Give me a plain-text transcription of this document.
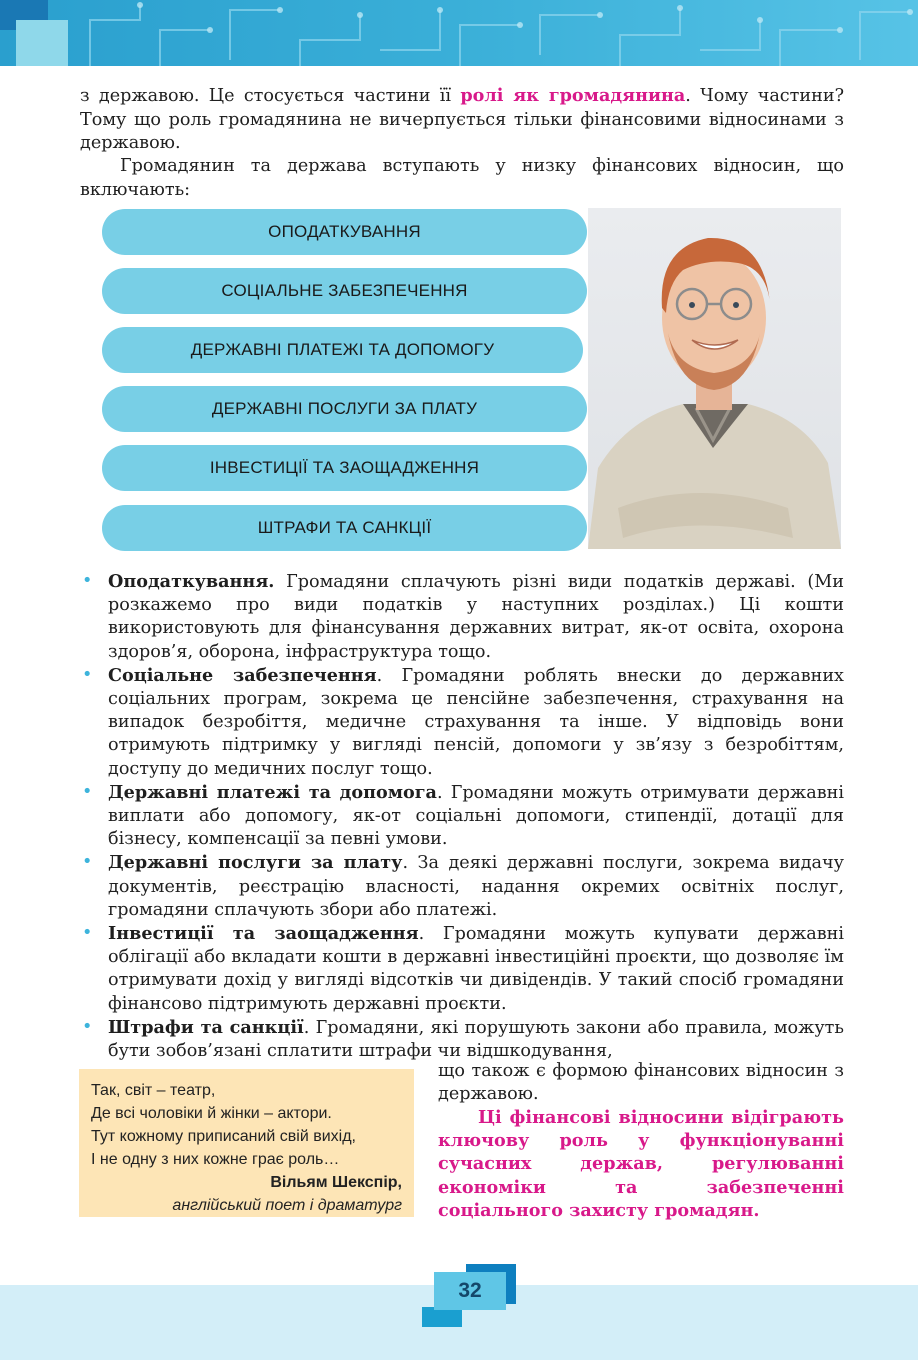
з державою. Це стосується частини її ролі як громадянина. Чому частини? Тому що роль громадянина не вичерпується тільки фінансовими відносинами з державою.
Громадянин та держава вступають у низку фінансових відносин, що включають:
ОПОДАТКУВАННЯ
СОЦІАЛЬНЕ ЗАБЕЗПЕЧЕННЯ
ДЕРЖАВНІ ПЛАТЕЖІ ТА ДОПОМОГУ
ДЕРЖАВНІ ПОСЛУГИ ЗА ПЛАТУ
ІНВЕСТИЦІЇ ТА ЗАОЩАДЖЕННЯ
ШТРАФИ ТА САНКЦІЇ
• Оподаткування. Громадяни сплачують різні види податків державі. (Ми розкажемо про види податків у наступних розділах.) Ці кошти використовують для фінансування державних витрат, як-от освіта, охорона здоров’я, оборона, інфраструктура тощо.
• Соціальне забезпечення. Громадяни роблять внески до державних соціальних програм, зокрема це пенсійне забезпечення, страхування на випадок безробіття, медичне страхування та інше. У відповідь вони отримують підтримку у вигляді пенсій, допомоги у зв’язу з безробіттям, доступу до медичних послуг тощо.
• Державні платежі та допомога. Громадяни можуть отримувати державні виплати або допомогу, як-от соціальні допомоги, стипендії, дотації для бізнесу, компенсації за певні умови.
• Державні послуги за плату. За деякі державні послуги, зокрема видачу документів, реєстрацію власності, надання окремих освітніх послуг, громадяни сплачують збори або платежі.
• Інвестиції та заощадження. Громадяни можуть купувати державні облігації або вкладати кошти в державні інвестиційні проєкти, що дозволяє їм отримувати дохід у вигляді відсотків чи дивідендів. У такий спосіб громадяни фінансово підтримують державні проєкти.
• Штрафи та санкції. Громадяни, які порушують закони або правила, можуть бути зобов’язані сплатити штрафи чи відшкодування,
Так, світ – театр,
Де всі чоловіки й жінки – актори.
Тут кожному приписаний свій вихід,
І не одну з них кожне грає роль…
Вільям Шекспір,
англійський поет і драматург
що також є формою фінансових відносин з державою.
Ці фінансові відносини відіграють ключову роль у функціонуванні сучасних держав, регулюванні економіки та забезпеченні соціального захисту громадян.
32
